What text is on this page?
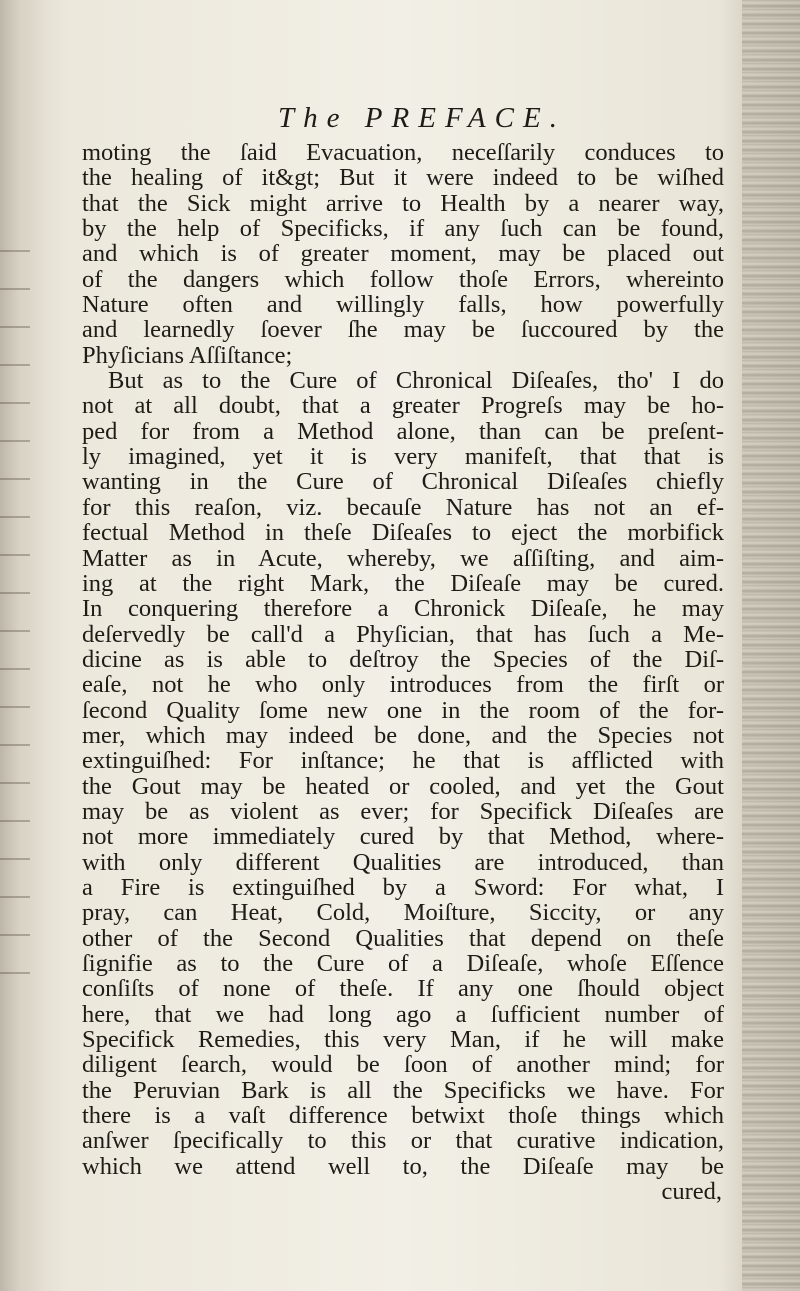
The PREFACE.
moting the ſaid Evacuation, neceſſarily conduces to
the healing of it&gt; But it were indeed to be wiſhed
that the Sick might arrive to Health by a nearer way,
by the help of Specificks, if any ſuch can be found,
and which is of greater moment, may be placed out
of the dangers which follow thoſe Errors, whereinto
Nature often and willingly falls, how powerfully
and learnedly ſoever ſhe may be ſuccoured by the
Phyſicians Aſſiſtance;
But as to the Cure of Chronical Diſeaſes, tho' I do
not at all doubt, that a greater Progreſs may be ho-
ped for from a Method alone, than can be preſent-
ly imagined, yet it is very manifeſt, that that is
wanting in the Cure of Chronical Diſeaſes chiefly
for this reaſon, viz. becauſe Nature has not an ef-
fectual Method in theſe Diſeaſes to eject the morbifick
Matter as in Acute, whereby, we aſſiſting, and aim-
ing at the right Mark, the Diſeaſe may be cured.
In conquering therefore a Chronick Diſeaſe, he may
deſervedly be call'd a Phyſician, that has ſuch a Me-
dicine as is able to deſtroy the Species of the Diſ-
eaſe, not he who only introduces from the firſt or
ſecond Quality ſome new one in the room of the for-
mer, which may indeed be done, and the Species not
extinguiſhed: For inſtance; he that is afflicted with
the Gout may be heated or cooled, and yet the Gout
may be as violent as ever; for Specifick Diſeaſes are
not more immediately cured by that Method, where-
with only different Qualities are introduced, than
a Fire is extinguiſhed by a Sword: For what, I
pray, can Heat, Cold, Moiſture, Siccity, or any
other of the Second Qualities that depend on theſe
ſignifie as to the Cure of a Diſeaſe, whoſe Eſſence
conſiſts of none of theſe. If any one ſhould object
here, that we had long ago a ſufficient number of
Specifick Remedies, this very Man, if he will make
diligent ſearch, would be ſoon of another mind; for
the Peruvian Bark is all the Specificks we have. For
there is a vaſt difference betwixt thoſe things which
anſwer ſpecifically to this or that curative indication,
which we attend well to, the Diſeaſe may be
cured,
